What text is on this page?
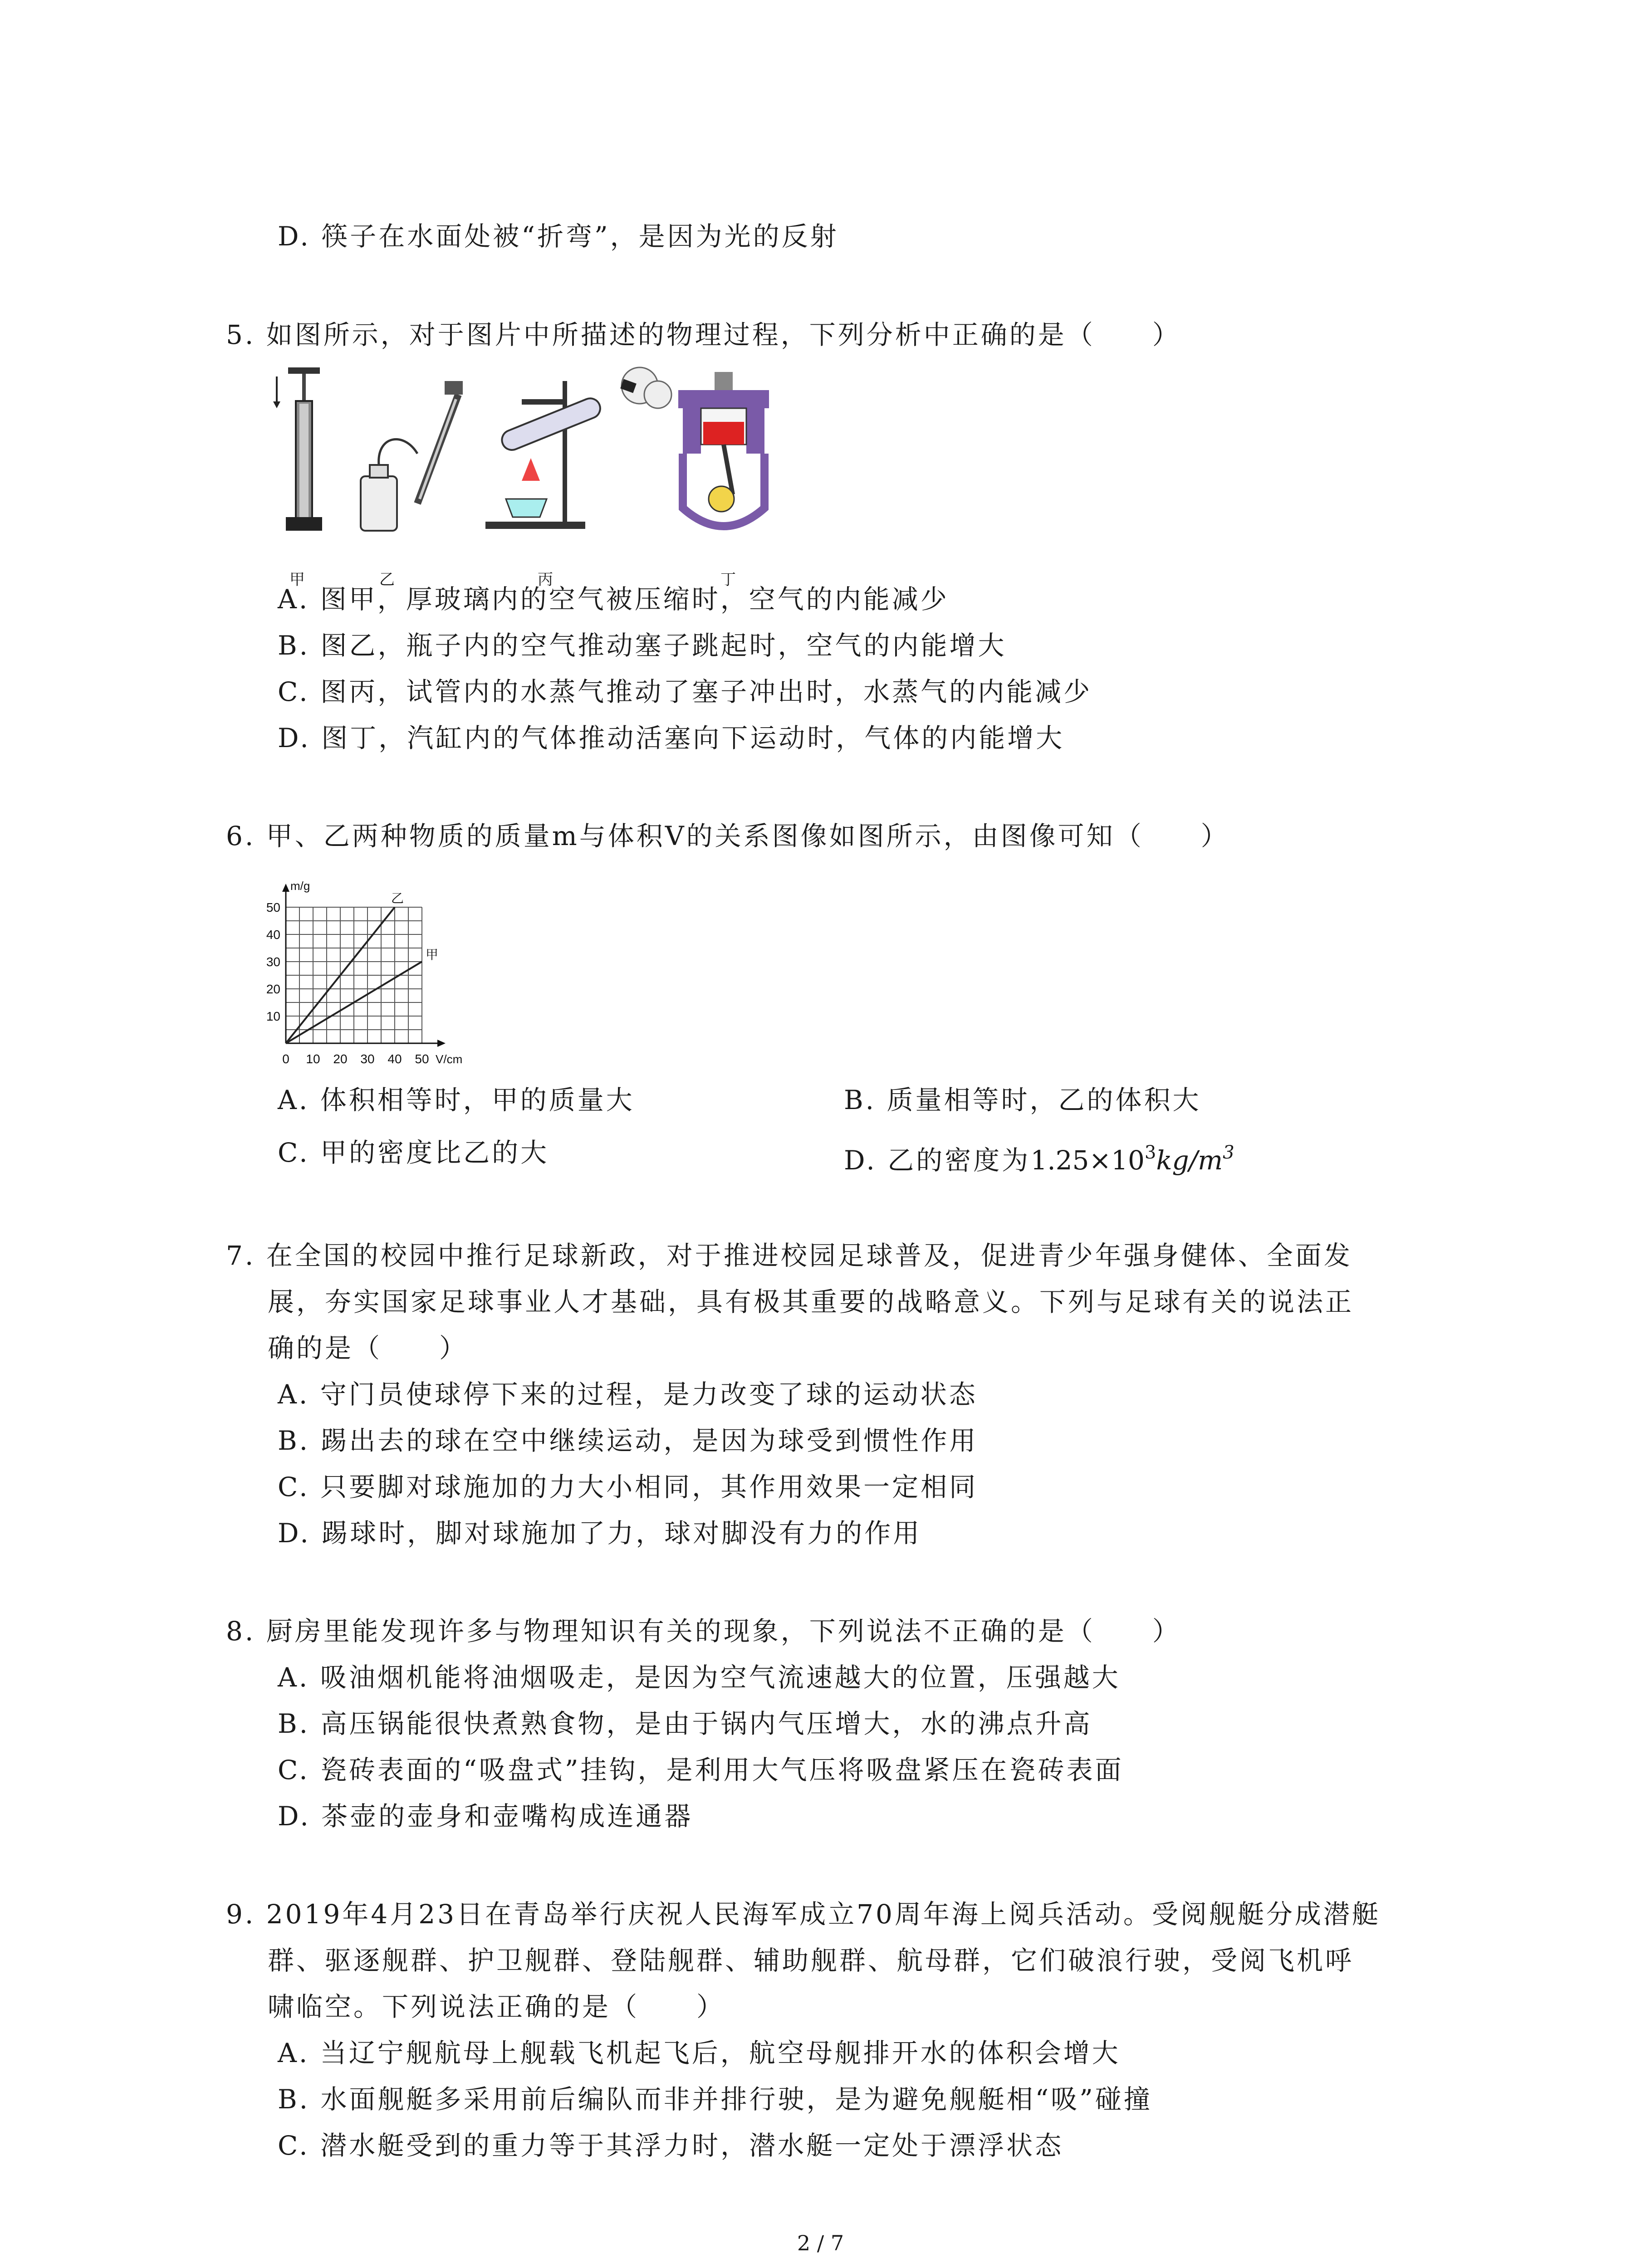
D. 筷子在水面处被“折弯”，是因为光的反射
5. 如图所示，对于图片中所描述的物理过程，下列分析中正确的是（　　）
甲	乙	丙	丁
A. 图甲，厚玻璃内的空气被压缩时，空气的内能减少
B. 图乙，瓶子内的空气推动塞子跳起时，空气的内能增大
C. 图丙，试管内的水蒸气推动了塞子冲出时，水蒸气的内能减少
D. 图丁，汽缸内的气体推动活塞向下运动时，气体的内能增大
6. 甲、乙两种物质的质量m与体积V的关系图像如图所示，由图像可知（　　）
0 10 20 30 40 50
10
20
30
40
50
m/g
V/cm
乙
甲
A. 体积相等时，甲的质量大	B. 质量相等时，乙的体积大
C. 甲的密度比乙的大	D. 乙的密度为$1.25\times 10^3kg/m^3$
7. 在全国的校园中推行足球新政，对于推进校园足球普及，促进青少年强身健体、全面发
展，夯实国家足球事业人才基础，具有极其重要的战略意义。下列与足球有关的说法正
确的是（　　）
A. 守门员使球停下来的过程，是力改变了球的运动状态
B. 踢出去的球在空中继续运动，是因为球受到惯性作用
C. 只要脚对球施加的力大小相同，其作用效果一定相同
D. 踢球时，脚对球施加了力，球对脚没有力的作用
8. 厨房里能发现许多与物理知识有关的现象，下列说法不正确的是（　　）
A. 吸油烟机能将油烟吸走，是因为空气流速越大的位置，压强越大
B. 高压锅能很快煮熟食物，是由于锅内气压增大，水的沸点升高
C. 瓷砖表面的“吸盘式”挂钩，是利用大气压将吸盘紧压在瓷砖表面
D. 茶壶的壶身和壶嘴构成连通器
9. 2019年4月23日在青岛举行庆祝人民海军成立70周年海上阅兵活动。受阅舰艇分成潜艇
群、驱逐舰群、护卫舰群、登陆舰群、辅助舰群、航母群，它们破浪行驶，受阅飞机呼
啸临空。下列说法正确的是（　　）
A. 当辽宁舰航母上舰载飞机起飞后，航空母舰排开水的体积会增大
B. 水面舰艇多采用前后编队而非并排行驶，是为避免舰艇相“吸”碰撞
C. 潜水艇受到的重力等于其浮力时，潜水艇一定处于漂浮状态
2 / 7
